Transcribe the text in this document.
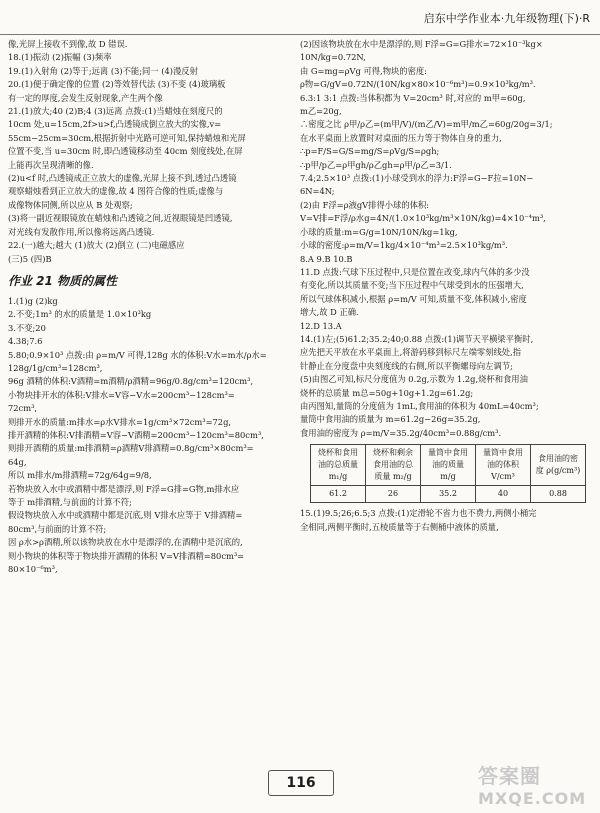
启东中学作业本·九年级物理(下)·R

像,光屏上接收不到像,故 D 错误.

18.(1)振动 (2)振幅 (3)频率

19.(1)入射角 (2)等于;远离 (3)不能;同一 (4)漫反射

20.(1)便于确定像的位置 (2)等效替代法 (3)不变 (4)玻璃板

有一定的厚度,会发生反射现象,产生两个像

21.(1)放大;40 (2)B;4 (3)远离 点拨:(1)当蜡烛在刻度尺的

10cm 处,u=15cm,2f>u>f,凸透镜成倒立放大的实像,v=

55cm−25cm=30cm,根据折射中光路可逆可知,保持蜡烛和光屏

位置不变,当 u=30cm 时,即凸透镜移动至 40cm 刻度线处,在屏

上能再次呈现清晰的像.

(2)u<f 时,凸透镜成正立放大的虚像,光屏上接不到,透过凸透镜

观察蜡烛看到正立放大的虚像,故 4 图符合像的性质;虚像与

成像物体同侧,所以应从 B 处观察;

(3)将一副近视眼镜放在蜡烛和凸透镜之间,近视眼镜是凹透镜,

对光线有发散作用,所以像将远离凸透镜.

22.(一)越大;越大 (1)放大 (2)倒立 (二)电磁感应

(三)5 (四)B

作业 21 物质的属性

1.(1)g (2)kg

2.不变;1m³ 的水的质量是 1.0×10³kg

3.不变;20

4.38;7.6

5.80;0.9×10³ 点拨:由 ρ=m/V 可得,128g 水的体积:V水=m水/ρ水=

128g/1g/cm³=128cm³,

96g 酒精的体积:V酒精=m酒精/ρ酒精=96g/0.8g/cm³=120cm³,

小物块排开水的体积:V排水=V容−V水=200cm³−128cm³=

72cm³,

则排开水的质量:m排水=ρ水V排水=1g/cm³×72cm³=72g,

排开酒精的体积:V排酒精=V容−V酒精=200cm³−120cm³=80cm³,

则排开酒精的质量:m排酒精=ρ酒精V排酒精=0.8g/cm³×80cm³=

64g,

所以 m排水/m排酒精=72g/64g=9/8,

若物块放入水中或酒精中都是漂浮,则 F浮=G排=G物,m排水应

等于 m排酒精,与前面的计算不符;

假设物块放入水中或酒精中都是沉底,则 V排水应等于 V排酒精=

80cm³,与前面的计算不符;

因 ρ水>ρ酒精,所以该物块放在水中是漂浮的,在酒精中是沉底的,

则小物块的体积等于物块排开酒精的体积 V=V排酒精=80cm³=

80×10⁻⁶m³,

(2)因该物块放在水中是漂浮的,则 F浮=G=G排水=72×10⁻³kg×

10N/kg=0.72N,

由 G=mg=ρVg 可得,物块的密度:

ρ物=G/gV=0.72N/(10N/kg×80×10⁻⁶m³)=0.9×10³kg/m³.

6.3:1 3:1 点拨:当体积都为 V=20cm³ 时,对应的 m甲=60g,

m乙=20g,

∴密度之比 ρ甲/ρ乙=(m甲/V)/(m乙/V)=m甲/m乙=60g/20g=3/1;

在水平桌面上放置时对桌面的压力等于物体自身的重力,

∴p=F/S=G/S=mg/S=ρVg/S=ρgh;

∴p甲/p乙=ρ甲gh/ρ乙gh=ρ甲/ρ乙=3/1.

7.4;2.5×10³ 点拨:(1)小球受到水的浮力:F浮=G−F拉=10N−

6N=4N;

(2)由 F浮=ρ液gV排得小球的体积:

V=V排=F浮/ρ水g=4N/(1.0×10³kg/m³×10N/kg)=4×10⁻⁴m³,

小球的质量:m=G/g=10N/10N/kg=1kg,

小球的密度:ρ=m/V=1kg/4×10⁻⁴m³=2.5×10³kg/m³.

8.A 9.B 10.B

11.D 点拨:气球下压过程中,只是位置在改变,球内气体的多少没

有变化,所以其质量不变;当下压过程中气球受到水的压强增大,

所以气球体积减小,根据 ρ=m/V 可知,质量不变,体积减小,密度

增大,故 D 正确.

12.D 13.A

14.(1)左;(5)61.2;35.2;40;0.88 点拨:(1)调节天平横梁平衡时,

应先把天平放在水平桌面上,将游码移到标尺左端零刻线处,指

针静止在分度盘中央刻度线的右侧,所以平衡螺母向左调节;

(5)由图乙可知,标尺分度值为 0.2g,示数为 1.2g,烧杯和食用油

烧杯的总质量 m总=50g+10g+1.2g=61.2g;

由丙图知,量筒的分度值为 1mL,食用油的体积为 40mL=40cm³;

量筒中食用油的质量为 m=61.2g−26g=35.2g,

食用油的密度为 ρ=m/V=35.2g/40cm³=0.88g/cm³.

烧杯和食用油的总质量 m₁/g	烧杯和剩余食用油的总质量 m₂/g	量筒中食用油的质量 m/g	量筒中食用油的体积 V/cm³	食用油的密度 ρ(g/cm³)
61.2	26	35.2	40	0.88

15.(1)9.5;26;6.5;3 点拨:(1)定滑轮不省力也不费力,两侧小桶完

全相同,两侧平衡时,五棱质量等于右侧桶中液体的质量,

116	答案圈
MXQE.COM
